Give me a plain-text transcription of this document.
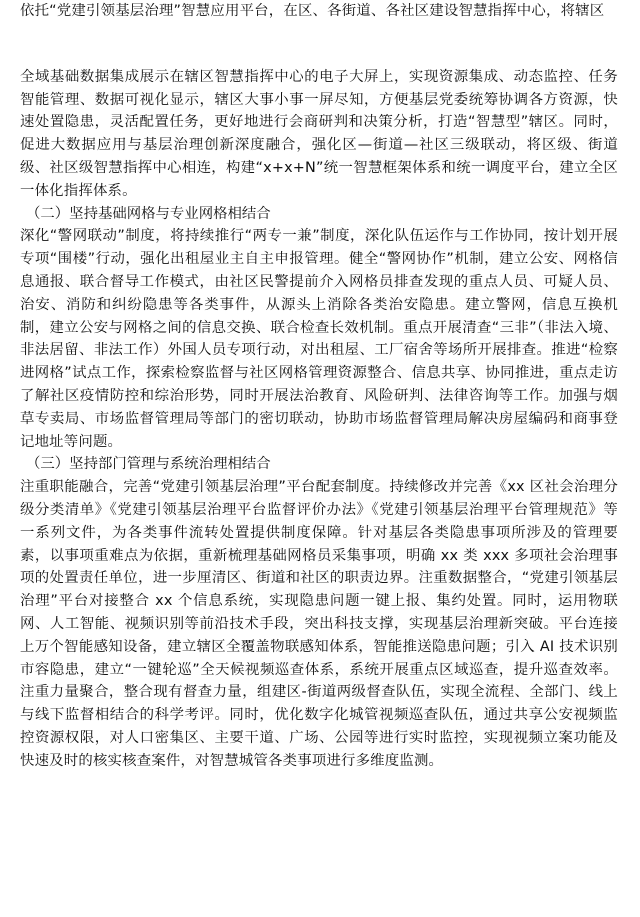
依托“党建引领基层治理”智慧应用平台，在区、各街道、各社区建设智慧指挥中心，将辖区

全域基础数据集成展示在辖区智慧指挥中心的电子大屏上，实现资源集成、动态监控、任务智能管理、数据可视化显示，辖区大事小事一屏尽知，方便基层党委统筹协调各方资源，快速处置隐患，灵活配置任务，更好地进行会商研判和决策分析，打造“智慧型”辖区。同时，促进大数据应用与基层治理创新深度融合，强化区—街道—社区三级联动，将区级、街道级、社区级智慧指挥中心相连，构建“x+x+N”统一智慧框架体系和统一调度平台，建立全区一体化指挥体系。

（二）坚持基础网格与专业网格相结合

深化“警网联动”制度，将持续推行“两专一兼”制度，深化队伍运作与工作协同，按计划开展专项“围楼”行动，强化出租屋业主自主申报管理。健全“警网协作”机制，建立公安、网格信息通报、联合督导工作模式，由社区民警提前介入网格员排查发现的重点人员、可疑人员、治安、消防和纠纷隐患等各类事件，从源头上消除各类治安隐患。建立警网，信息互换机制，建立公安与网格之间的信息交换、联合检查长效机制。重点开展清查“三非”（非法入境、非法居留、非法工作）外国人员专项行动，对出租屋、工厂宿舍等场所开展排查。推进“检察进网格”试点工作，探索检察监督与社区网格管理资源整合、信息共享、协同推进，重点走访了解社区疫情防控和综治形势，同时开展法治教育、风险研判、法律咨询等工作。加强与烟草专卖局、市场监督管理局等部门的密切联动，协助市场监督管理局解决房屋编码和商事登记地址等问题。

（三）坚持部门管理与系统治理相结合

注重职能融合，完善“党建引领基层治理”平台配套制度。持续修改并完善《xx 区社会治理分级分类清单》《党建引领基层治理平台监督评价办法》《党建引领基层治理平台管理规范》等一系列文件，为各类事件流转处置提供制度保障。针对基层各类隐患事项所涉及的管理要素，以事项重难点为依据，重新梳理基础网格员采集事项，明确 xx 类 xxx 多项社会治理事项的处置责任单位，进一步厘清区、街道和社区的职责边界。注重数据整合，“党建引领基层治理”平台对接整合 xx 个信息系统，实现隐患问题一键上报、集约处置。同时，运用物联网、人工智能、视频识别等前沿技术手段，突出科技支撑，实现基层治理新突破。平台连接上万个智能感知设备，建立辖区全覆盖物联感知体系，智能推送隐患问题；引入 AI 技术识别市容隐患，建立“一键轮巡”全天候视频巡查体系，系统开展重点区域巡查，提升巡查效率。注重力量聚合，整合现有督查力量，组建区-街道两级督查队伍，实现全流程、全部门、线上与线下监督相结合的科学考评。同时，优化数字化城管视频巡查队伍，通过共享公安视频监控资源权限，对人口密集区、主要干道、广场、公园等进行实时监控，实现视频立案功能及快速及时的核实核查案件，对智慧城管各类事项进行多维度监测。
